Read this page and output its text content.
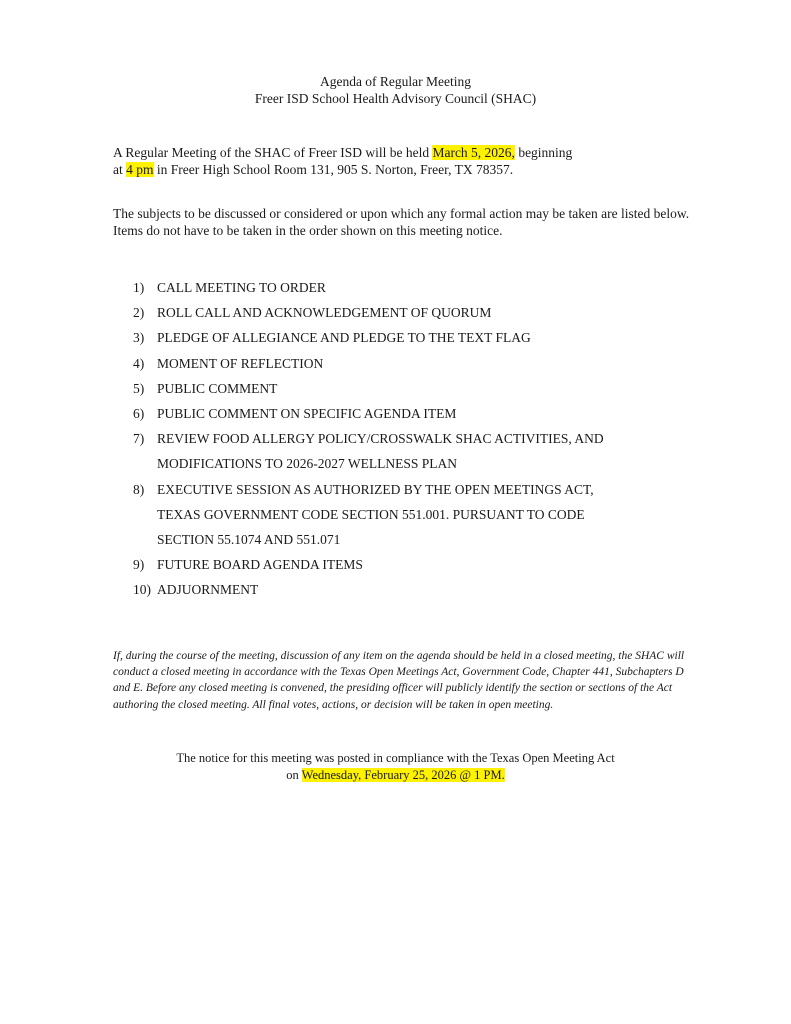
Agenda of Regular Meeting
Freer ISD School Health Advisory Council (SHAC)
A Regular Meeting of the SHAC of Freer ISD will be held March 5, 2026, beginning
at 4 pm in Freer High School Room 131, 905 S. Norton, Freer, TX 78357.
The subjects to be discussed or considered or upon which any formal action may be taken are listed below. Items do not have to be taken in the order shown on this meeting notice.
1) CALL MEETING TO ORDER
2) ROLL CALL AND ACKNOWLEDGEMENT OF QUORUM
3) PLEDGE OF ALLEGIANCE AND PLEDGE TO THE TEXT FLAG
4) MOMENT OF REFLECTION
5) PUBLIC COMMENT
6) PUBLIC COMMENT ON SPECIFIC AGENDA ITEM
7) REVIEW FOOD ALLERGY POLICY/CROSSWALK SHAC ACTIVITIES, AND
MODIFICATIONS TO 2026-2027 WELLNESS PLAN
8) EXECUTIVE SESSION AS AUTHORIZED BY THE OPEN MEETINGS ACT,
TEXAS GOVERNMENT CODE SECTION 551.001. PURSUANT TO CODE
SECTION 55.1074 AND 551.071
9) FUTURE BOARD AGENDA ITEMS
10) ADJUORNMENT
If, during the course of the meeting, discussion of any item on the agenda should be held in a closed meeting, the SHAC will conduct a closed meeting in accordance with the Texas Open Meetings Act, Government Code, Chapter 441, Subchapters D and E. Before any closed meeting is convened, the presiding officer will publicly identify the section or sections of the Act authoring the closed meeting. All final votes, actions, or decision will be taken in open meeting.
The notice for this meeting was posted in compliance with the Texas Open Meeting Act
on Wednesday, February 25, 2026 @ 1 PM.
